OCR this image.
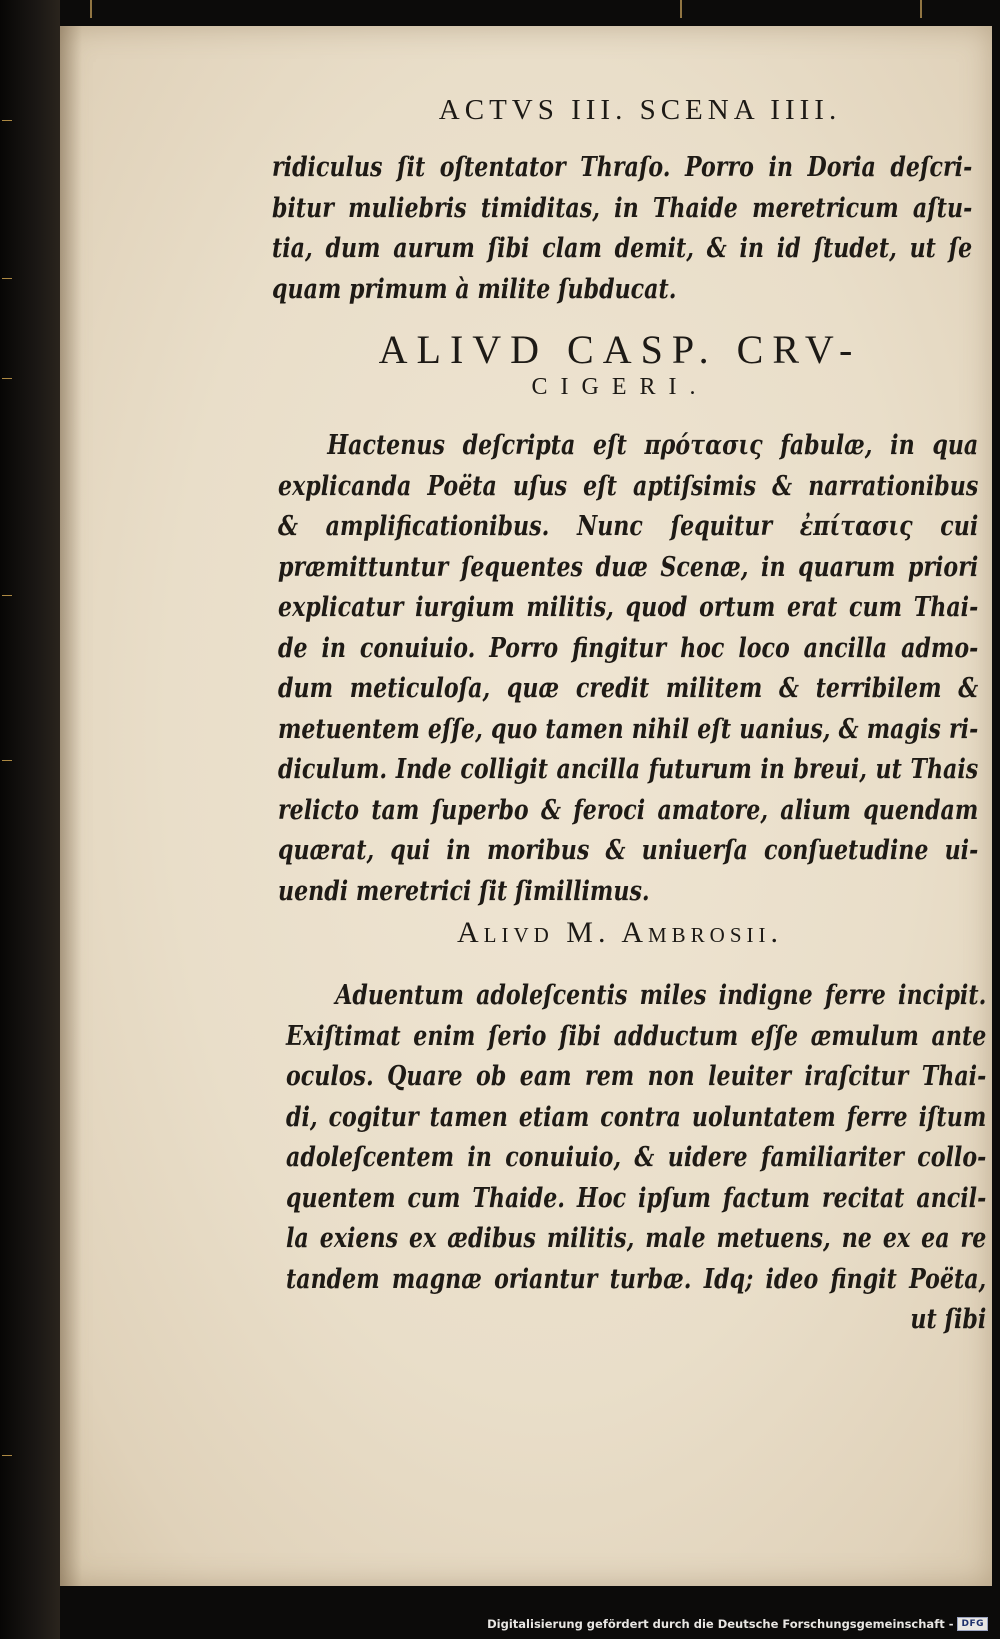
ACTVS III. SCENA IIII.
ridiculus ſit oſtentator Thraſo. Porro in Doria deſcri-
bitur muliebris timiditas, in Thaide meretricum aſtu-
tia, dum aurum ſibi clam demit, & in id ſtudet, ut ſe
quam primum à milite ſubducat.
ALIVD CASP. CRV-
CIGERI.
Hactenus deſcripta eſt πρότασις fabulæ, in qua
explicanda Poëta uſus eſt aptiſsimis & narrationibus
& amplificationibus. Nunc ſequitur ἐπίτασις cui
præmittuntur ſequentes duæ Scenæ, in quarum priori
explicatur iurgium militis, quod ortum erat cum Thai-
de in conuiuio. Porro fingitur hoc loco ancilla admo-
dum meticuloſa, quæ credit militem & terribilem &
metuentem eſſe, quo tamen nihil eſt uanius, & magis ri-
diculum. Inde colligit ancilla futurum in breui, ut Thais
relicto tam ſuperbo & feroci amatore, alium quendam
quærat, qui in moribus & uniuerſa conſuetudine ui-
uendi meretrici ſit ſimillimus.
Alivd M. Ambrosii.
Aduentum adoleſcentis miles indigne ferre incipit.
Exiſtimat enim ſerio ſibi adductum eſſe æmulum ante
oculos. Quare ob eam rem non leuiter iraſcitur Thai-
di, cogitur tamen etiam contra uoluntatem ferre iſtum
adoleſcentem in conuiuio, & uidere familiariter collo-
quentem cum Thaide. Hoc ipſum factum recitat ancil-
la exiens ex ædibus militis, male metuens, ne ex ea re
tandem magnæ oriantur turbæ. Idq; ideo fingit Poëta,
ut ſibi
Digitalisierung gefördert durch die Deutsche Forschungsgemeinschaft - DFG
